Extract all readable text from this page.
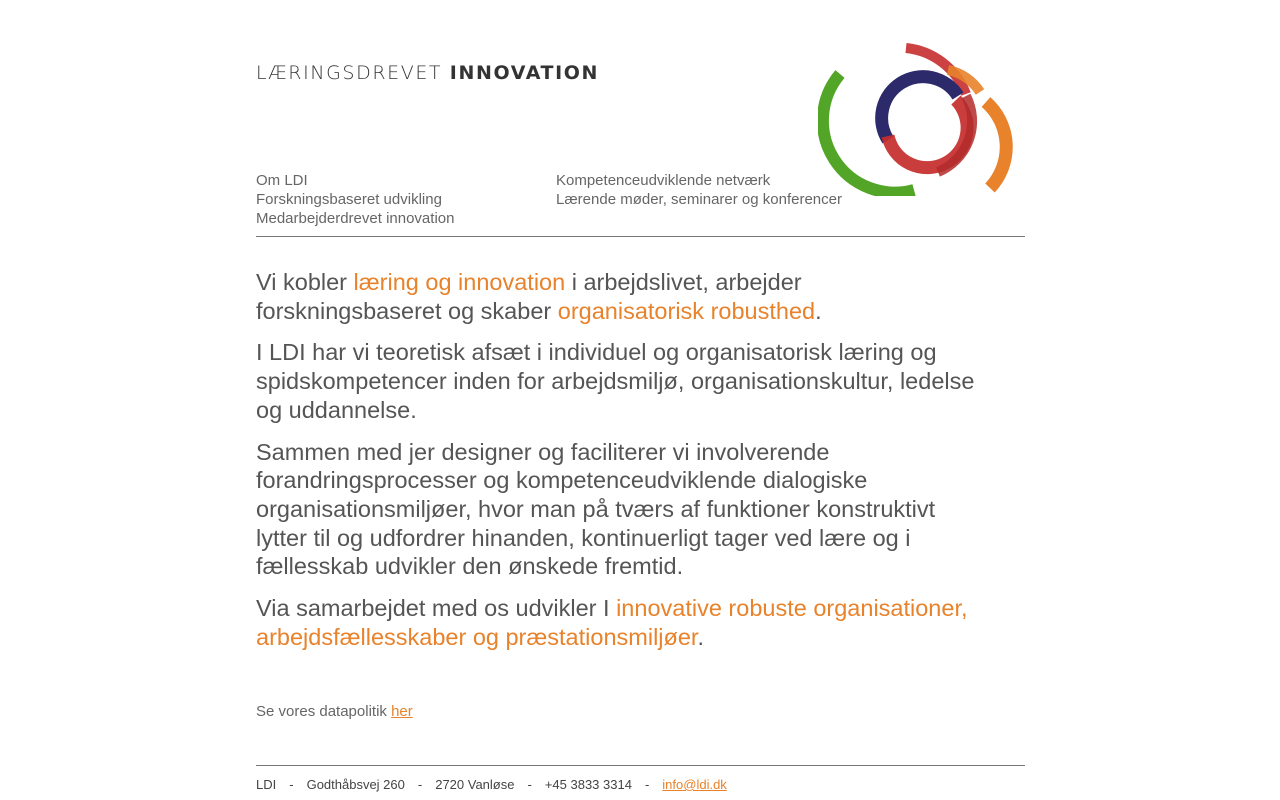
LÆRINGSDREVET INNOVATION
Om LDI
Forskningsbaseret udvikling
Medarbejderdrevet innovation
Kompetenceudviklende netværk
Lærende møder, seminarer og konferencer

Vi kobler læring og innovation i arbejdslivet, arbejder forskningsbaseret og skaber organisatorisk robusthed.

I LDI har vi teoretisk afsæt i individuel og organisatorisk læring og spidskompetencer inden for arbejdsmiljø, organisationskultur, ledelse og uddannelse.

Sammen med jer designer og faciliterer vi involverende forandringsprocesser og kompetenceudviklende dialogiske organisationsmiljøer, hvor man på tværs af funktioner konstruktivt lytter til og udfordrer hinanden, kontinuerligt tager ved lære og i fællesskab udvikler den ønskede fremtid.

Via samarbejdet med os udvikler I innovative robuste organisationer, arbejdsfællesskaber og præstationsmiljøer.

Se vores datapolitik her
LDI - Godthåbsvej 260 - 2720 Vanløse - +45 3833 3314 - info@ldi.dk
